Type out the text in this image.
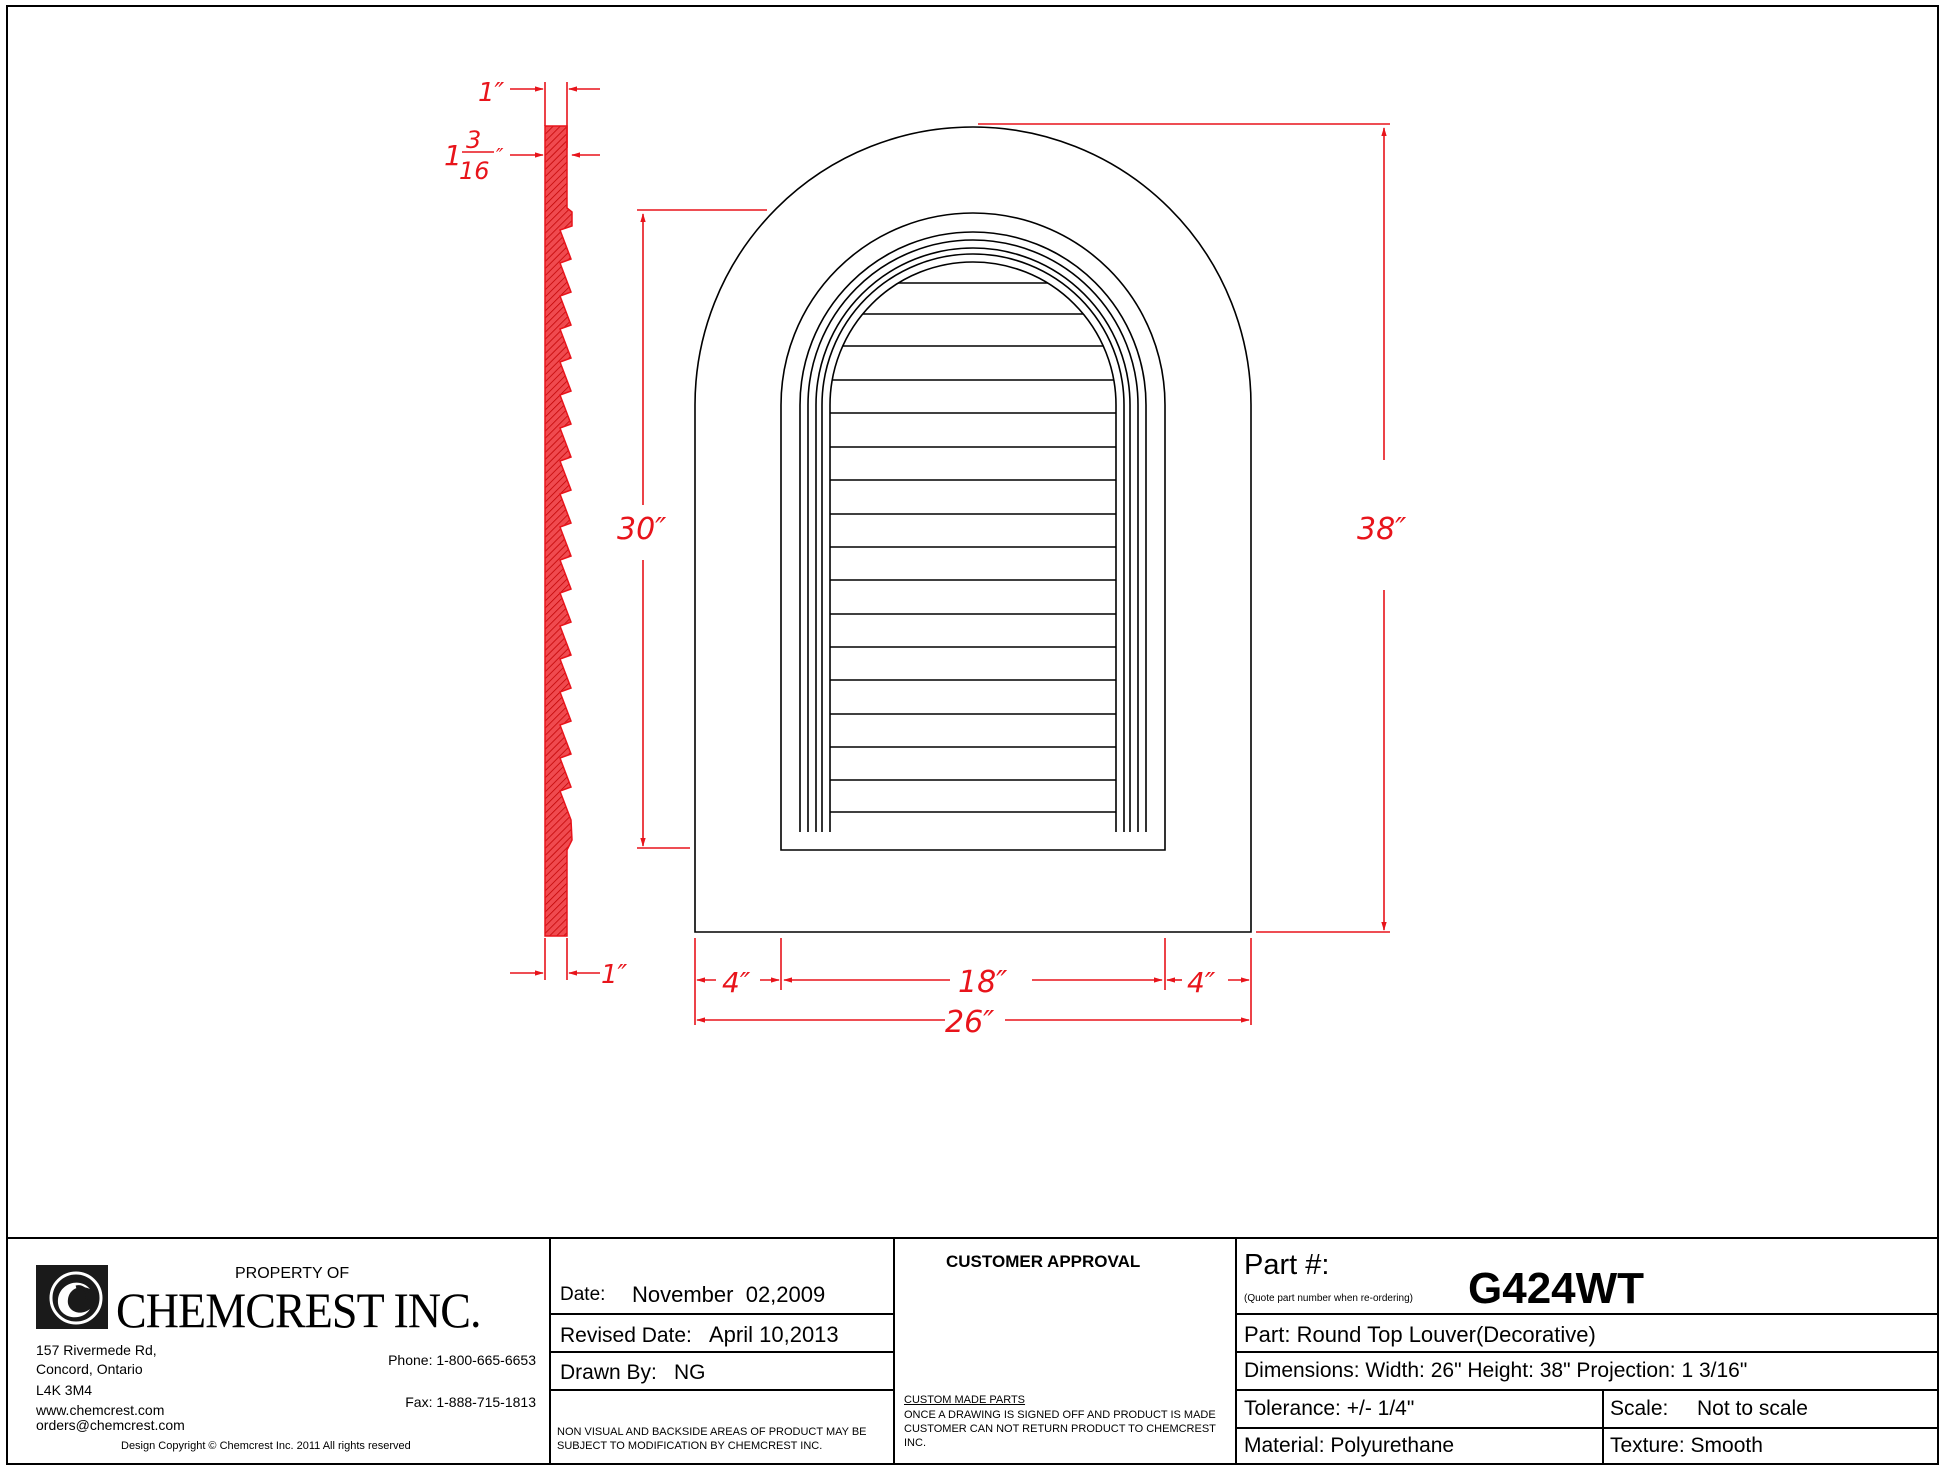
1″
1 3
16
″
1″
38″
30″
4″	18″	4″
26″
PROPERTY OF
CHEMCREST INC.
157 Rivermede Rd,
Concord, Ontario
L4K 3M4
www.chemcrest.com
orders@chemcrest.com
Phone: 1-800-665-6653
Fax: 1-888-715-1813
Design Copyright © Chemcrest Inc. 2011 All rights reserved
Date: November  02,2009
Revised Date: April 10,2013
Drawn By: NG
NON VISUAL AND BACKSIDE AREAS OF PRODUCT MAY BE SUBJECT TO MODIFICATION BY CHEMCREST INC.
CUSTOMER APPROVAL
CUSTOM MADE PARTS
ONCE A DRAWING IS SIGNED OFF AND PRODUCT IS MADE CUSTOMER CAN NOT RETURN PRODUCT TO CHEMCREST INC.
Part #:
(Quote part number when re-ordering) G424WT
Part: Round Top Louver(Decorative)
Dimensions: Width: 26" Height: 38" Projection: 1 3/16"
Tolerance: +/- 1/4"	Scale: Not to scale
Material: Polyurethane	Texture: Smooth
